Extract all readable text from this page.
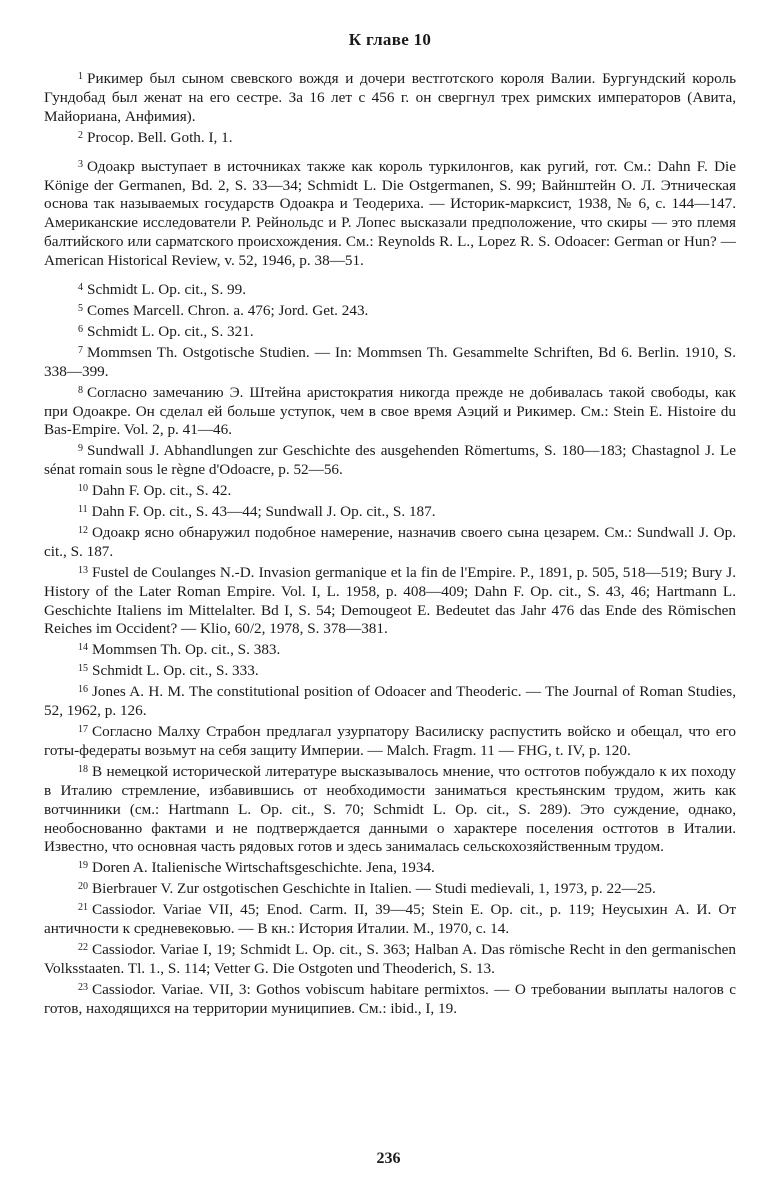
К главе 10

$^1$ Рикимер был сыном свевского вождя и дочери вестготского короля Валии. Бургундский король Гундобад был женат на его сестре. За 16 лет с 456 г. он свергнул трех римских императоров (Авита, Майориана, Анфимия).

$^2$ Procop. Bell. Goth. I, 1.

$^3$ Одоакр выступает в источниках также как король туркилонгов, как ругий, гот. См.: Dahn F. Die Könige der Germanen, Bd. 2, S. 33—34; Schmidt L. Die Ostgermanen, S. 99; Вайнштейн О. Л. Этническая основа так называемых государств Одоакра и Теодериха. — Историк-марксист, 1938, № 6, с. 144—147. Американские исследователи Р. Рейнольдс и Р. Лопес высказали предположение, что скиры — это племя балтийского или сарматского происхождения. См.: Reynolds R. L., Lopez R. S. Odoacer: German or Hun? — American Historical Review, v. 52, 1946, p. 38—51.

$^4$ Schmidt L. Op. cit., S. 99.

$^5$ Comes Marcell. Chron. a. 476; Jord. Get. 243.

$^6$ Schmidt L. Op. cit., S. 321.

$^7$ Mommsen Th. Ostgotische Studien. — In: Mommsen Th. Gesammelte Schriften, Bd 6. Berlin. 1910, S. 338—399.

$^8$ Согласно замечанию Э. Штейна аристократия никогда прежде не добивалась такой свободы, как при Одоакре. Он сделал ей больше уступок, чем в свое время Аэций и Рикимер. См.: Stein E. Histoire du Bas-Empire. Vol. 2, p. 41—46.

$^9$ Sundwall J. Abhandlungen zur Geschichte des ausgehenden Römertums, S. 180—183; Chastagnol J. Le sénat romain sous le règne d'Odoacre, p. 52—56.

$^{10}$ Dahn F. Op. cit., S. 42.

$^{11}$ Dahn F. Op. cit., S. 43—44; Sundwall J. Op. cit., S. 187.

$^{12}$ Одоакр ясно обнаружил подобное намерение, назначив своего сына цезарем. См.: Sundwall J. Op. cit., S. 187.

$^{13}$ Fustel de Coulanges N.-D. Invasion germanique et la fin de l'Empire. P., 1891, p. 505, 518—519; Bury J. History of the Later Roman Empire. Vol. I, L. 1958, p. 408—409; Dahn F. Op. cit., S. 43, 46; Hartmann L. Geschichte Italiens im Mittelalter. Bd I, S. 54; Demougeot E. Bedeutet das Jahr 476 das Ende des Römischen Reiches im Occident? — Klio, 60/2, 1978, S. 378—381.

$^{14}$ Mommsen Th. Op. cit., S. 383.

$^{15}$ Schmidt L. Op. cit., S. 333.

$^{16}$ Jones A. H. M. The constitutional position of Odoacer and Theoderic. — The Journal of Roman Studies, 52, 1962, p. 126.

$^{17}$ Согласно Малху Страбон предлагал узурпатору Василиску распустить войско и обещал, что его готы-федераты возьмут на себя защиту Империи. — Malch. Fragm. 11 — FHG, t. IV, p. 120.

$^{18}$ В немецкой исторической литературе высказывалось мнение, что остготов побуждало к их походу в Италию стремление, избавившись от необходимости заниматься крестьянским трудом, жить как вотчинники (см.: Hartmann L. Op. cit., S. 70; Schmidt L. Op. cit., S. 289). Это суждение, однако, необоснованно фактами и не подтверждается данными о характере поселения остготов в Италии. Известно, что основная часть рядовых готов и здесь занималась сельскохозяйственным трудом.

$^{19}$ Doren A. Italienische Wirtschaftsgeschichte. Jena, 1934.

$^{20}$ Bierbrauer V. Zur ostgotischen Geschichte in Italien. — Studi medievali, 1, 1973, p. 22—25.

$^{21}$ Cassiodor. Variae VII, 45; Enod. Carm. II, 39—45; Stein E. Op. cit., p. 119; Неусыхин А. И. От античности к средневековью. — В кн.: История Италии. М., 1970, с. 14.

$^{22}$ Cassiodor. Variae I, 19; Schmidt L. Op. cit., S. 363; Halban A. Das römische Recht in den germanischen Volksstaaten. Tl. 1., S. 114; Vetter G. Die Ostgoten und Theoderich, S. 13.

$^{23}$ Cassiodor. Variae. VII, 3: Gothos vobiscum habitare permixtos. — О требовании выплаты налогов с готов, находящихся на территории муниципиев. См.: ibid., I, 19.

236
